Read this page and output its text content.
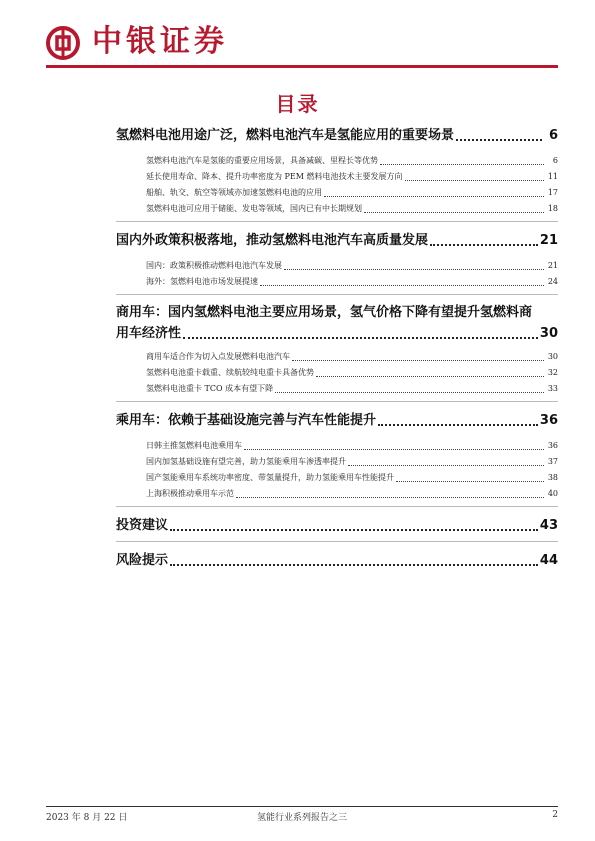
中银证券
目录
氢燃料电池用途广泛，燃料电池汽车是氢能应用的重要场景	6
氢燃料电池汽车是氢能的重要应用场景，具备减碳、里程长等优势	6
延长使用寿命、降本、提升功率密度为 PEM 燃料电池技术主要发展方向	11
船舶、轨交、航空等领域亦加速氢燃料电池的应用	17
氢燃料电池可应用于储能、发电等领域，国内已有中长期规划	18
国内外政策积极落地，推动氢燃料电池汽车高质量发展	21
国内：政策积极推动燃料电池汽车发展	21
海外：氢燃料电池市场发展提速	24
商用车：国内氢燃料电池主要应用场景，氢气价格下降有望提升氢燃料商
用车经济性	30
商用车适合作为切入点发展燃料电池汽车	30
氢燃料电池重卡载重、续航较纯电重卡具备优势	32
氢燃料电池重卡 TCO 成本有望下降	33
乘用车：依赖于基础设施完善与汽车性能提升	36
日韩主推氢燃料电池乘用车	36
国内加氢基础设施有望完善，助力氢能乘用车渗透率提升	37
国产氢能乘用车系统功率密度、带氢量提升，助力氢能乘用车性能提升	38
上海积极推动乘用车示范	40
投资建议	43
风险提示	44
2023 年 8 月 22 日	氢能行业系列报告之三	2
